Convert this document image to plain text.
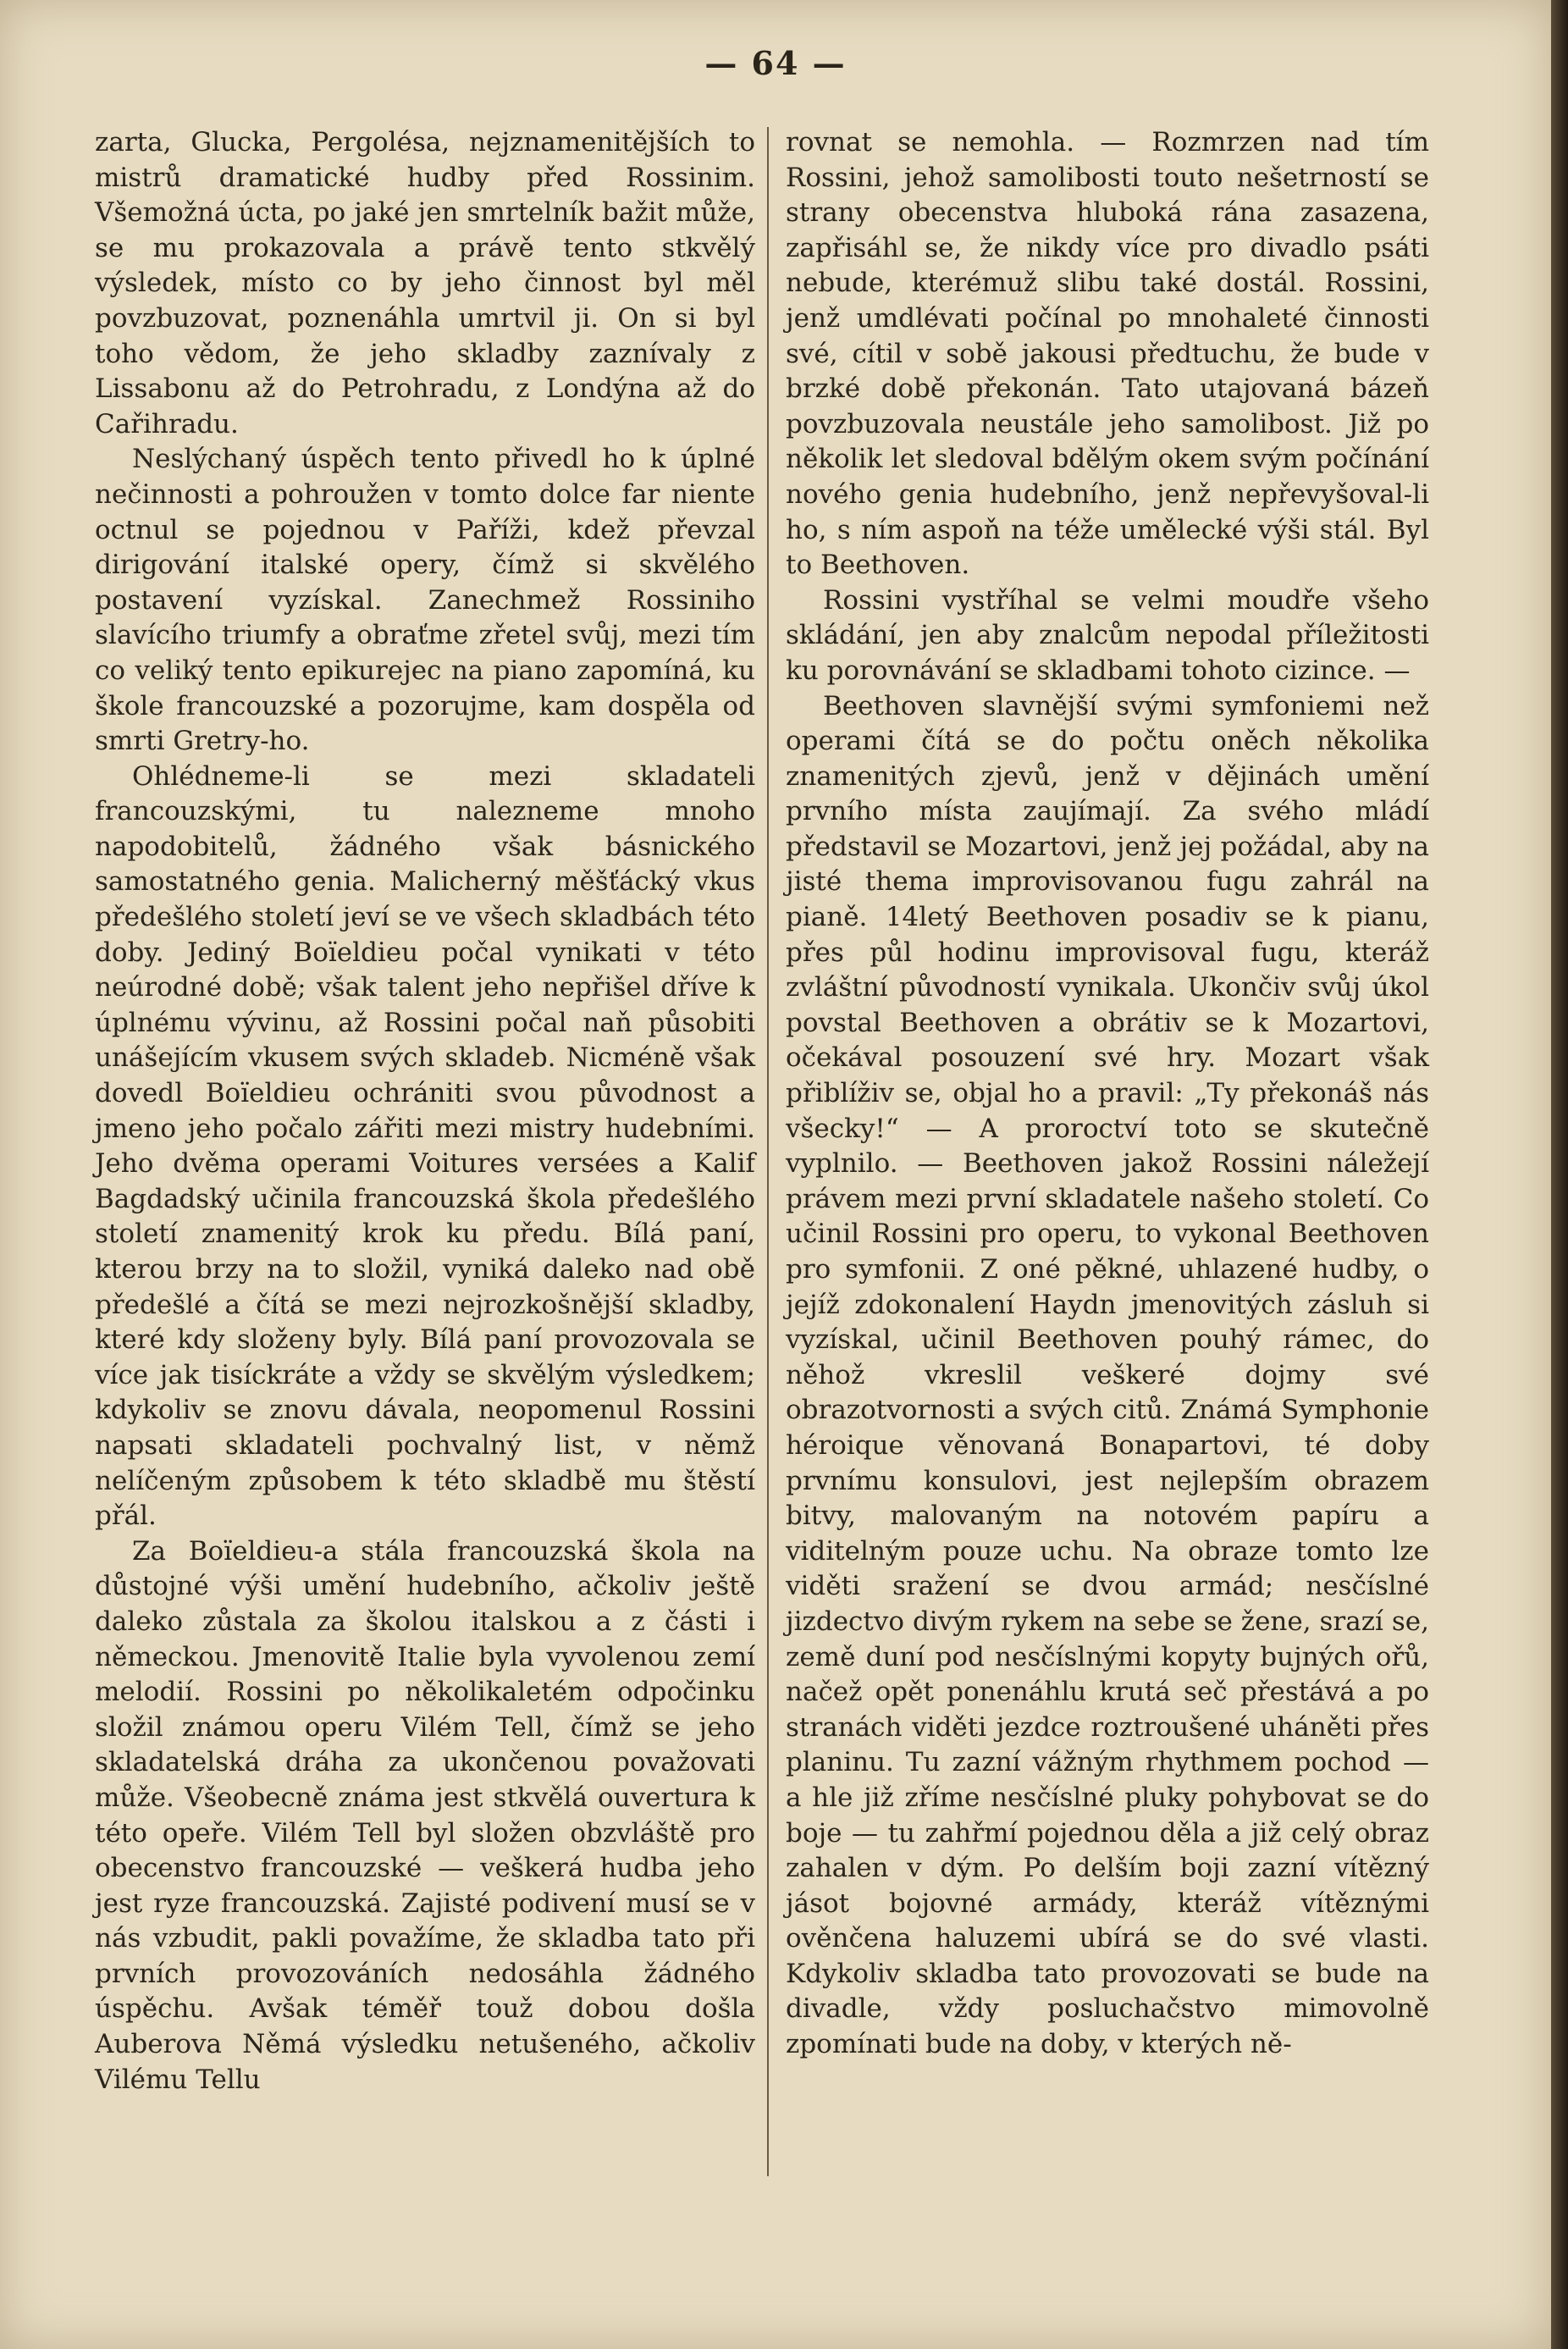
— 64 —

zarta, Glucka, Pergolésa, nejznamenitějších to mistrů dramatické hudby před Rossinim. Všemožná úcta, po jaké jen smrtelník bažit může, se mu prokazovala a právě tento stkvělý výsledek, místo co by jeho činnost byl měl povzbuzovat, poznenáhla umrtvil ji. On si byl toho vědom, že jeho skladby zaznívaly z Lissabonu až do Petrohradu, z Londýna až do Cařihradu.

Neslýchaný úspěch tento přivedl ho k úplné nečinnosti a pohroužen v tomto dolce far niente octnul se pojednou v Paříži, kdež převzal dirigování italské opery, čímž si skvělého postavení vyzískal. Zanechmež Rossiniho slavícího triumfy a obraťme zřetel svůj, mezi tím co veliký tento epikurejec na piano zapomíná, ku škole francouzské a pozorujme, kam dospěla od smrti Gretry-ho.

Ohlédneme-li se mezi skladateli francouzskými, tu nalezneme mnoho napodobitelů, žádného však básnického samostatného genia. Malicherný měšťácký vkus předešlého století jeví se ve všech skladbách této doby. Jediný Boïeldieu počal vynikati v této neúrodné době; však talent jeho nepřišel dříve k úplnému vývinu, až Rossini počal naň působiti unášejícím vkusem svých skladeb. Nicméně však dovedl Boïeldieu ochrániti svou původnost a jmeno jeho počalo zářiti mezi mistry hudebními. Jeho dvěma operami Voitures versées a Kalif Bagdadský učinila francouzská škola předešlého století znamenitý krok ku předu. Bílá paní, kterou brzy na to složil, vyniká daleko nad obě předešlé a čítá se mezi nejrozkošnější skladby, které kdy složeny byly. Bílá paní provozovala se více jak tisíckráte a vždy se skvělým výsledkem; kdykoliv se znovu dávala, neopomenul Rossini napsati skladateli pochvalný list, v němž nelíčeným způsobem k této skladbě mu štěstí přál.

Za Boïeldieu-a stála francouzská škola na důstojné výši umění hudebního, ačkoliv ještě daleko zůstala za školou italskou a z části i německou. Jmenovitě Italie byla vyvolenou zemí melodií. Rossini po několikaletém odpočinku složil známou operu Vilém Tell, čímž se jeho skladatelská dráha za ukončenou považovati může. Všeobecně známa jest stkvělá ouvertura k této opeře. Vilém Tell byl složen obzvláště pro obecenstvo francouzské — veškerá hudba jeho jest ryze francouzská. Zajisté podivení musí se v nás vzbudit, pakli považíme, že skladba tato při prvních provozováních nedosáhla žádného úspěchu. Avšak téměř touž dobou došla Auberova Němá výsledku netušeného, ačkoliv Vilému Tellu

rovnat se nemohla. — Rozmrzen nad tím Rossini, jehož samolibosti touto nešetrností se strany obecenstva hluboká rána zasazena, zapřisáhl se, že nikdy více pro divadlo psáti nebude, kterémuž slibu také dostál. Rossini, jenž umdlévati počínal po mnohaleté činnosti své, cítil v sobě jakousi předtuchu, že bude v brzké době překonán. Tato utajovaná bázeň povzbuzovala neustále jeho samolibost. Již po několik let sledoval bdělým okem svým počínání nového genia hudebního, jenž nepřevyšoval-li ho, s ním aspoň na téže umělecké výši stál. Byl to Beethoven.

Rossini vystříhal se velmi moudře všeho skládání, jen aby znalcům nepodal příležitosti ku porovnávání se skladbami tohoto cizince. —

Beethoven slavnější svými symfoniemi než operami čítá se do počtu oněch několika znamenitých zjevů, jenž v dějinách umění prvního místa zaujímají. Za svého mládí představil se Mozartovi, jenž jej požádal, aby na jisté thema improvisovanou fugu zahrál na pianě. 14letý Beethoven posadiv se k pianu, přes půl hodinu improvisoval fugu, kteráž zvláštní původností vynikala. Ukončiv svůj úkol povstal Beethoven a obrátiv se k Mozartovi, očekával posouzení své hry. Mozart však přiblíživ se, objal ho a pravil: „Ty překonáš nás všecky!“ — A proroctví toto se skutečně vyplnilo. — Beethoven jakož Rossini náležejí právem mezi první skladatele našeho století. Co učinil Rossini pro operu, to vykonal Beethoven pro symfonii. Z oné pěkné, uhlazené hudby, o jejíž zdokonalení Haydn jmenovitých zásluh si vyzískal, učinil Beethoven pouhý rámec, do něhož vkreslil veškeré dojmy své obrazotvornosti a svých citů. Známá Symphonie héroique věnovaná Bonapartovi, té doby prvnímu konsulovi, jest nejlepším obrazem bitvy, malovaným na notovém papíru a viditelným pouze uchu. Na obraze tomto lze viděti sražení se dvou armád; nesčíslné jizdectvo divým rykem na sebe se žene, srazí se, země duní pod nesčíslnými kopyty bujných ořů, načež opět ponenáhlu krutá seč přestává a po stranách viděti jezdce roztroušené uháněti přes planinu. Tu zazní vážným rhythmem pochod — a hle již zříme nesčíslné pluky pohybovat se do boje — tu zahřmí pojednou děla a již celý obraz zahalen v dým. Po delším boji zazní vítězný jásot bojovné armády, kteráž vítěznými ověnčena haluzemi ubírá se do své vlasti. Kdykoliv skladba tato provozovati se bude na divadle, vždy posluchačstvo mimovolně zpomínati bude na doby, v kterých ně-
